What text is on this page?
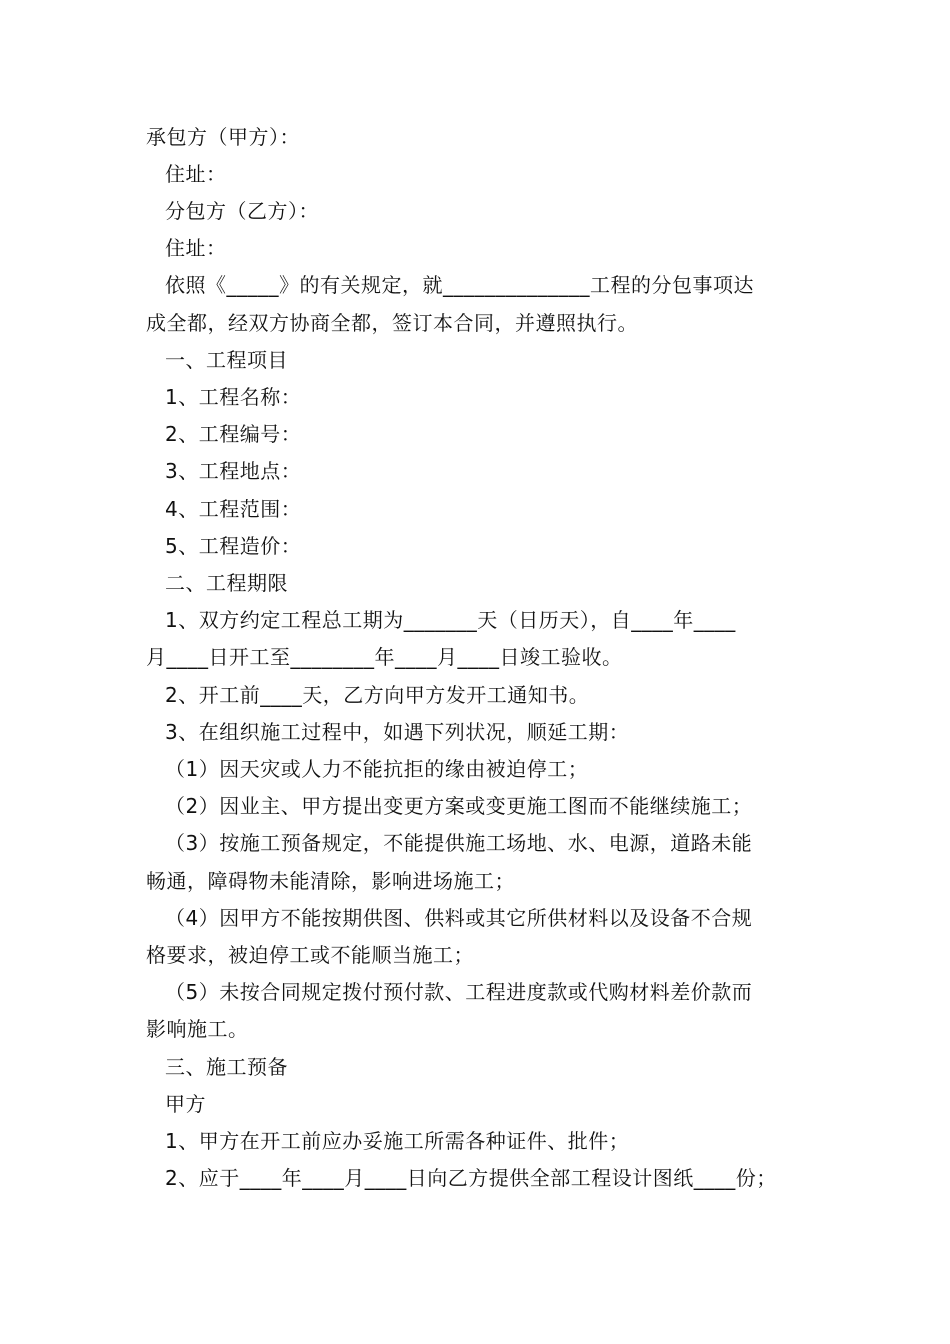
承包方（甲方）：
住址：
分包方（乙方）：
住址：
依照《_____》的有关规定，就______________工程的分包事项达
成全都，经双方协商全都，签订本合同，并遵照执行。
一、工程项目
1、工程名称：
2、工程编号：
3、工程地点：
4、工程范围：
5、工程造价：
二、工程期限
1、双方约定工程总工期为_______天（日历天），自____年____
月____日开工至________年____月____日竣工验收。
2、开工前____天，乙方向甲方发开工通知书。
3、在组织施工过程中，如遇下列状况，顺延工期：
（1）因天灾或人力不能抗拒的缘由被迫停工；
（2）因业主、甲方提出变更方案或变更施工图而不能继续施工；
（3）按施工预备规定，不能提供施工场地、水、电源，道路未能
畅通，障碍物未能清除，影响进场施工；
（4）因甲方不能按期供图、供料或其它所供材料以及设备不合规
格要求，被迫停工或不能顺当施工；
（5）未按合同规定拨付预付款、工程进度款或代购材料差价款而
影响施工。
三、施工预备
甲方
1、甲方在开工前应办妥施工所需各种证件、批件；
2、应于____年____月____日向乙方提供全部工程设计图纸____份；
